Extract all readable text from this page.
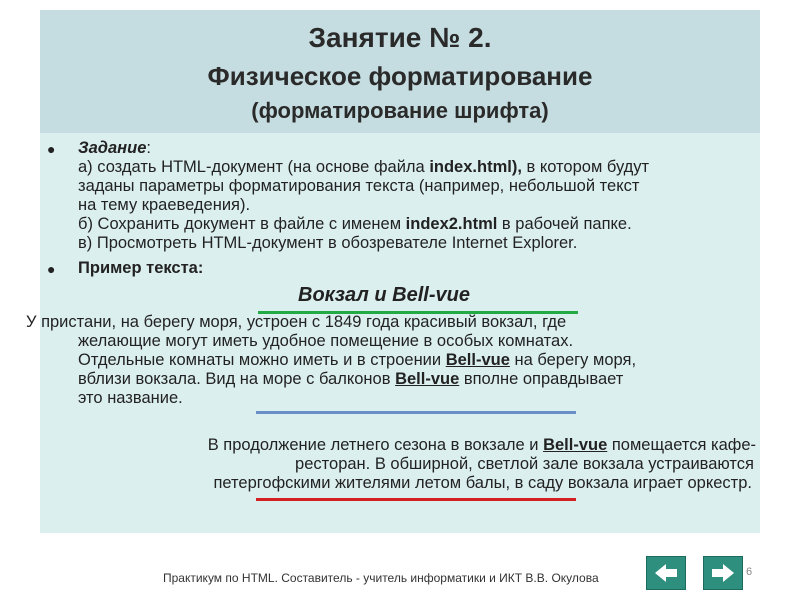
Занятие № 2.
Физическое форматирование
(форматирование шрифта)
● Задание:
а) создать HTML-документ (на основе файла index.html), в котором будут
заданы параметры форматирования текста (например, небольшой текст
на тему краеведения).
б) Сохранить документ в файле с именем index2.html в рабочей папке.
в) Просмотреть HTML-документ в обозревателе Internet Explorer.
● Пример текста:
Вокзал и Bell-vue
У пристани, на берегу моря, устроен с 1849 года красивый вокзал, где
желающие могут иметь удобное помещение в особых комнатах.
Отдельные комнаты можно иметь и в строении Bell-vue на берегу моря,
вблизи вокзала. Вид на море с балконов Bell-vue вполне оправдывает
это название.
В продолжение летнего сезона в вокзале и Bell-vue помещается кафе-
ресторан. В обширной, светлой зале вокзала устраиваются
петергофскими жителями летом балы, в саду вокзала играет оркестр.
Практикум по HTML. Составитель - учитель информатики и ИКТ В.В. Окулова	6
